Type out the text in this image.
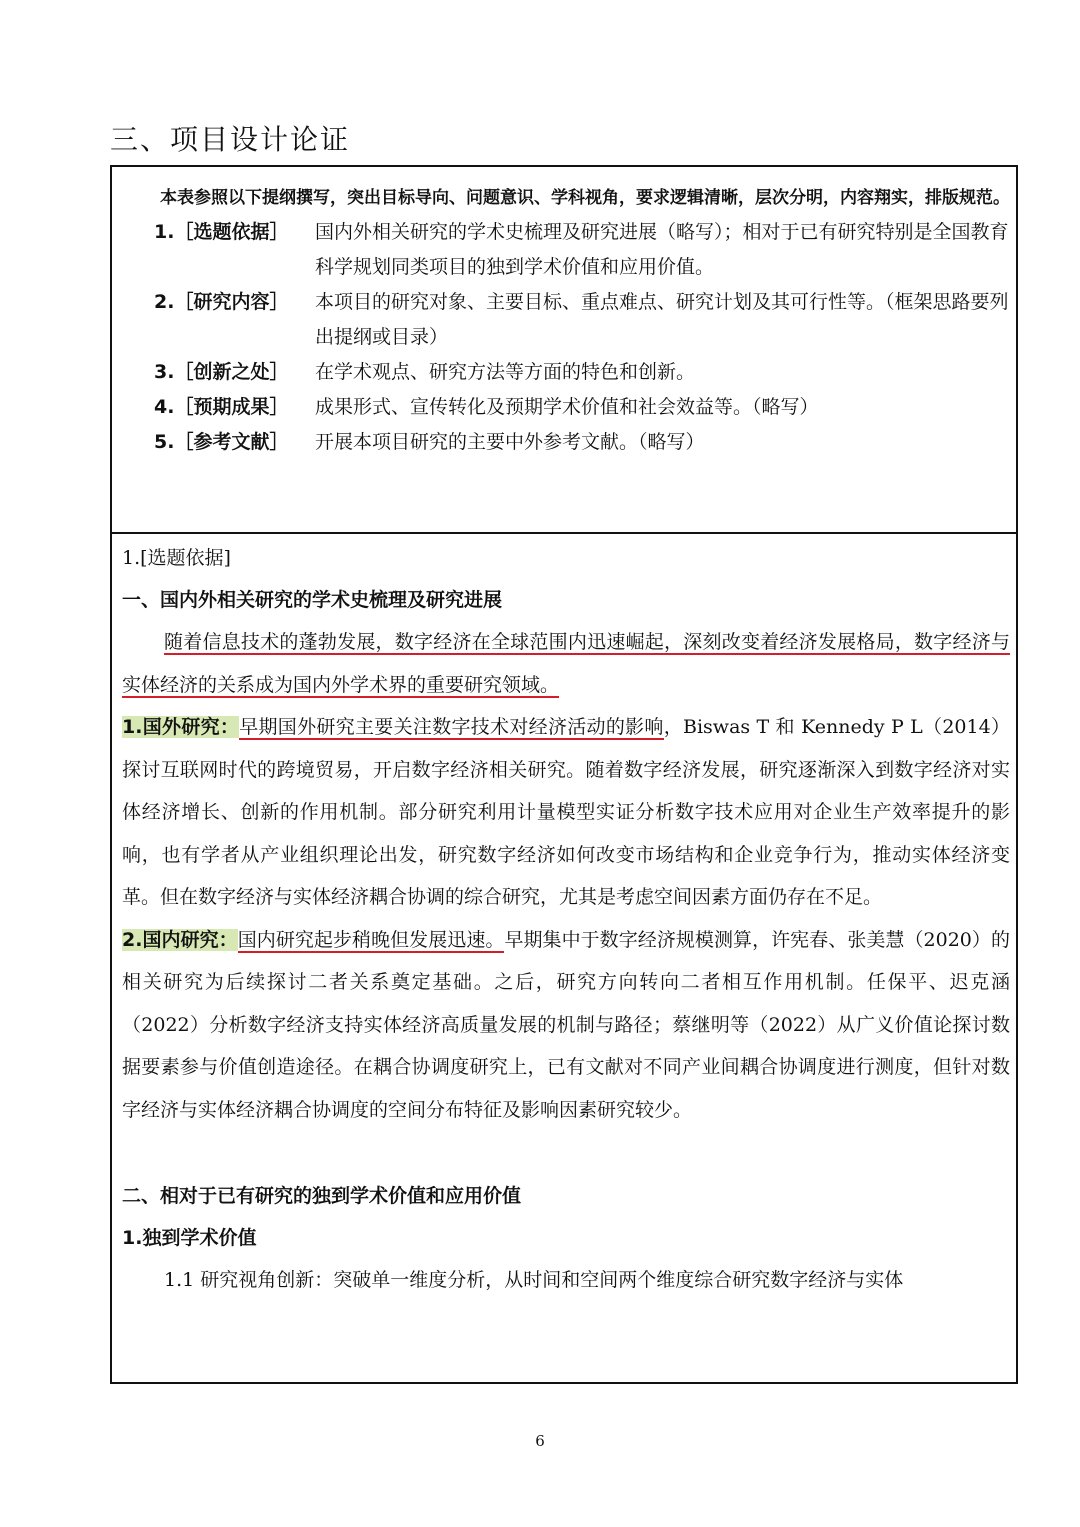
三、项目设计论证

本表参照以下提纲撰写，突出目标导向、问题意识、学科视角，要求逻辑清晰，层次分明，内容翔实，排版规范。

1.［选题依据］ 国内外相关研究的学术史梳理及研究进展（略写）；相对于已有研究特别是全国教育科学规划同类项目的独到学术价值和应用价值。
2.［研究内容］ 本项目的研究对象、主要目标、重点难点、研究计划及其可行性等。（框架思路要列出提纲或目录）
3.［创新之处］ 在学术观点、研究方法等方面的特色和创新。
4.［预期成果］ 成果形式、宣传转化及预期学术价值和社会效益等。（略写）
5.［参考文献］ 开展本项目研究的主要中外参考文献。（略写）

1.[选题依据]

一、国内外相关研究的学术史梳理及研究进展

随着信息技术的蓬勃发展，数字经济在全球范围内迅速崛起，深刻改变着经济发展格局，数字经济与实体经济的关系成为国内外学术界的重要研究领域。

1.国外研究：早期国外研究主要关注数字技术对经济活动的影响，Biswas T 和 Kennedy P L（2014）探讨互联网时代的跨境贸易，开启数字经济相关研究。随着数字经济发展，研究逐渐深入到数字经济对实体经济增长、创新的作用机制。部分研究利用计量模型实证分析数字技术应用对企业生产效率提升的影响，也有学者从产业组织理论出发，研究数字经济如何改变市场结构和企业竞争行为，推动实体经济变革。但在数字经济与实体经济耦合协调的综合研究，尤其是考虑空间因素方面仍存在不足。

2.国内研究：国内研究起步稍晚但发展迅速。早期集中于数字经济规模测算，许宪春、张美慧（2020）的相关研究为后续探讨二者关系奠定基础。之后，研究方向转向二者相互作用机制。任保平、迟克涵（2022）分析数字经济支持实体经济高质量发展的机制与路径；蔡继明等（2022）从广义价值论探讨数据要素参与价值创造途径。在耦合协调度研究上，已有文献对不同产业间耦合协调度进行测度，但针对数字经济与实体经济耦合协调度的空间分布特征及影响因素研究较少。

二、相对于已有研究的独到学术价值和应用价值

1.独到学术价值

1.1 研究视角创新：突破单一维度分析，从时间和空间两个维度综合研究数字经济与实体

6
